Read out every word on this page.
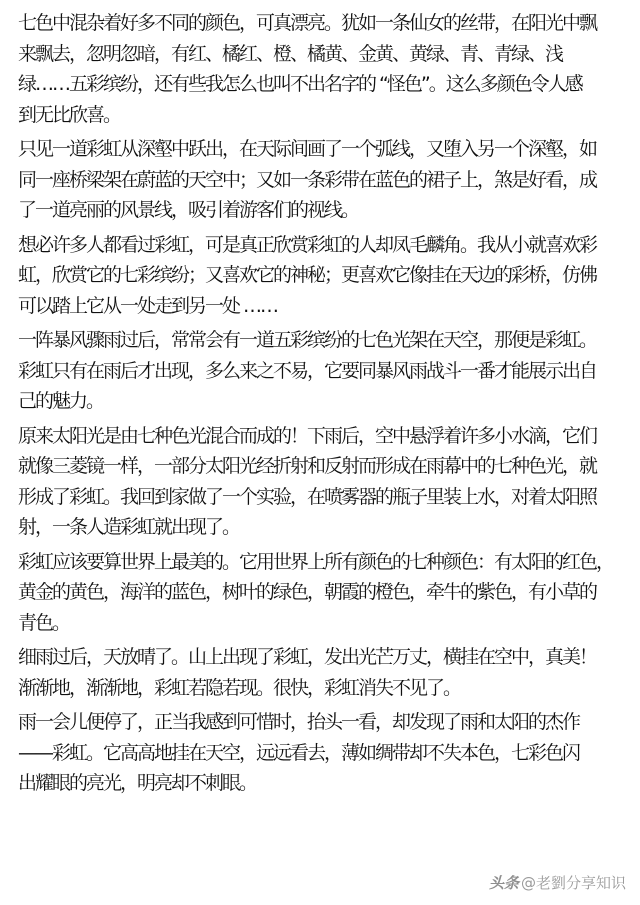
七色中混杂着好多不同的颜色，可真漂亮。犹如一条仙女的丝带，在阳光中飘
来飘去，忽明忽暗，有红、橘红、橙、橘黄、金黄、黄绿、青、青绿、浅
绿……五彩缤纷，还有些我怎么也叫不出名字的 “怪色”。这么多颜色令人感
到无比欣喜。

只见一道彩虹从深壑中跃出，在天际间画了一个弧线，又堕入另一个深壑，如
同一座桥梁架在蔚蓝的天空中；又如一条彩带在蓝色的裙子上，煞是好看，成
了一道亮丽的风景线，吸引着游客们的视线。

想必许多人都看过彩虹，可是真正欣赏彩虹的人却凤毛麟角。我从小就喜欢彩
虹，欣赏它的七彩缤纷；又喜欢它的神秘；更喜欢它像挂在天边的彩桥，仿佛
可以踏上它从一处走到另一处 ……

一阵暴风骤雨过后，常常会有一道五彩缤纷的七色光架在天空，那便是彩虹。
彩虹只有在雨后才出现，多么来之不易，它要同暴风雨战斗一番才能展示出自
己的魅力。

原来太阳光是由七种色光混合而成的！下雨后，空中悬浮着许多小水滴，它们
就像三菱镜一样，一部分太阳光经折射和反射而形成在雨幕中的七种色光，就
形成了彩虹。我回到家做了一个实验，在喷雾器的瓶子里装上水，对着太阳照
射，一条人造彩虹就出现了。

彩虹应该要算世界上最美的。它用世界上所有颜色的七种颜色：有太阳的红色，
黄金的黄色，海洋的蓝色，树叶的绿色，朝霞的橙色，牵牛的紫色，有小草的
青色。

细雨过后，天放晴了。山上出现了彩虹，发出光芒万丈，横挂在空中，真美！
渐渐地，渐渐地，彩虹若隐若现。很快，彩虹消失不见了。

雨一会儿便停了，正当我感到可惜时，抬头一看，却发现了雨和太阳的杰作
——彩虹。它高高地挂在天空，远远看去，薄如绸带却不失本色，七彩色闪
出耀眼的亮光，明亮却不刺眼。

头条 @老劉分享知识
